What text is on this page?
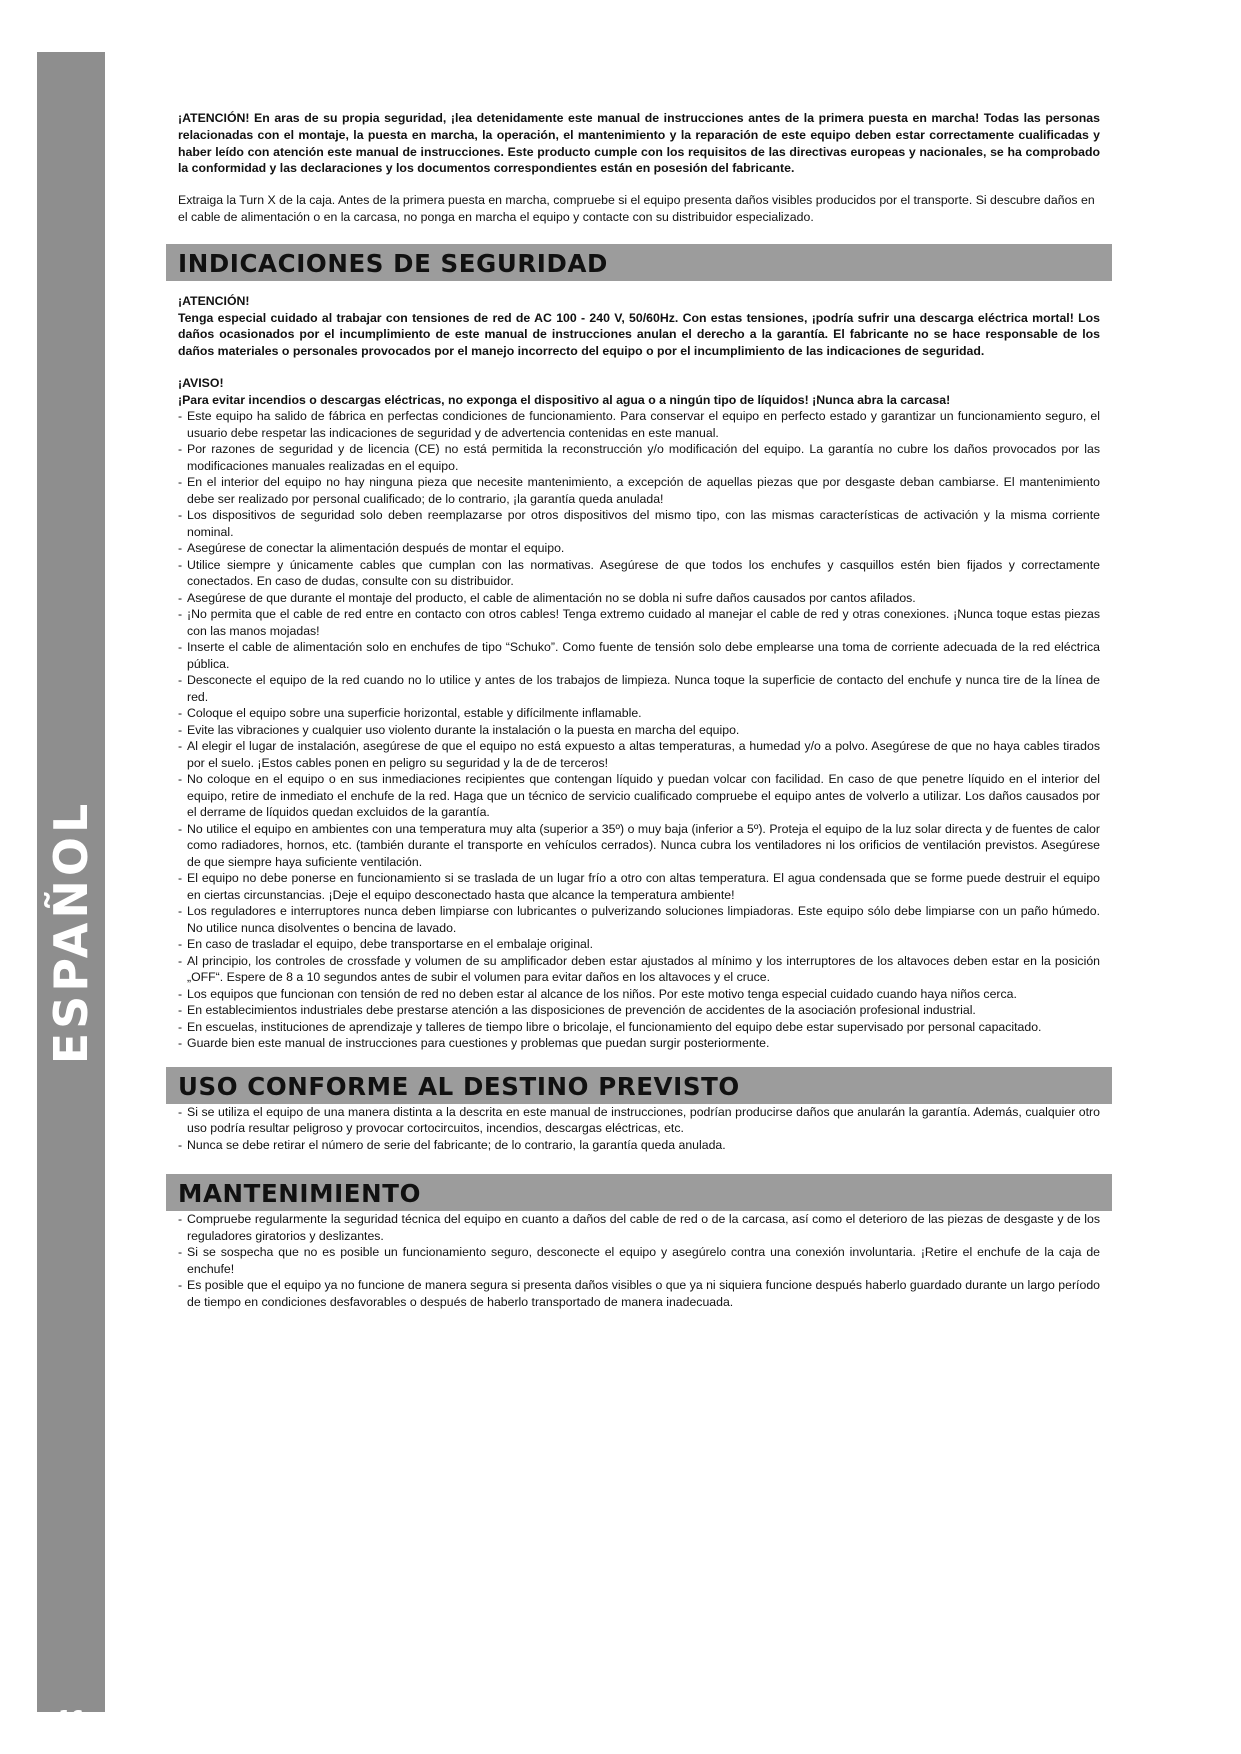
ESPAÑOL
16

¡ATENCIÓN! En aras de su propia seguridad, ¡lea detenidamente este manual de instrucciones antes de la primera puesta en marcha! Todas las personas relacionadas con el montaje, la puesta en marcha, la operación, el mantenimiento y la reparación de este equipo deben estar correctamente cualificadas y haber leído con atención este manual de instrucciones. Este producto cumple con los requisitos de las directivas europeas y nacionales, se ha comprobado la conformidad y las declaraciones y los documentos correspondientes están en posesión del fabricante.

Extraiga la Turn X de la caja. Antes de la primera puesta en marcha, compruebe si el equipo presenta daños visibles producidos por el transporte. Si descubre daños en el cable de alimentación o en la carcasa, no ponga en marcha el equipo y contacte con su distribuidor especializado.

INDICACIONES DE SEGURIDAD

¡ATENCIÓN!

Tenga especial cuidado al trabajar con tensiones de red de AC 100 - 240 V, 50/60Hz. Con estas tensiones, ¡podría sufrir una descarga eléctrica mortal! Los daños ocasionados por el incumplimiento de este manual de instrucciones anulan el derecho a la garantía. El fabricante no se hace responsable de los daños materiales o personales provocados por el manejo incorrecto del equipo o por el incumplimiento de las indicaciones de seguridad.

¡AVISO!

¡Para evitar incendios o descargas eléctricas, no exponga el dispositivo al agua o a ningún tipo de líquidos! ¡Nunca abra la carcasa!

- Este equipo ha salido de fábrica en perfectas condiciones de funcionamiento. Para conservar el equipo en perfecto estado y garantizar un funcionamiento seguro, el usuario debe respetar las indicaciones de seguridad y de advertencia contenidas en este manual.
- Por razones de seguridad y de licencia (CE) no está permitida la reconstrucción y/o modificación del equipo. La garantía no cubre los daños provocados por las modificaciones manuales realizadas en el equipo.
- En el interior del equipo no hay ninguna pieza que necesite mantenimiento, a excepción de aquellas piezas que por desgaste deban cambiarse. El mantenimiento debe ser realizado por personal cualificado; de lo contrario, ¡la garantía queda anulada!
- Los dispositivos de seguridad solo deben reemplazarse por otros dispositivos del mismo tipo, con las mismas características de activación y la misma corriente nominal.
- Asegúrese de conectar la alimentación después de montar el equipo.
- Utilice siempre y únicamente cables que cumplan con las normativas. Asegúrese de que todos los enchufes y casquillos estén bien fijados y correctamente conectados. En caso de dudas, consulte con su distribuidor.
- Asegúrese de que durante el montaje del producto, el cable de alimentación no se dobla ni sufre daños causados por cantos afilados.
- ¡No permita que el cable de red entre en contacto con otros cables! Tenga extremo cuidado al manejar el cable de red y otras conexiones. ¡Nunca toque estas piezas con las manos mojadas!
- Inserte el cable de alimentación solo en enchufes de tipo “Schuko”. Como fuente de tensión solo debe emplearse una toma de corriente adecuada de la red eléctrica pública.
- Desconecte el equipo de la red cuando no lo utilice y antes de los trabajos de limpieza. Nunca toque la superficie de contacto del enchufe y nunca tire de la línea de red.
- Coloque el equipo sobre una superficie horizontal, estable y difícilmente inflamable.
- Evite las vibraciones y cualquier uso violento durante la instalación o la puesta en marcha del equipo.
- Al elegir el lugar de instalación, asegúrese de que el equipo no está expuesto a altas temperaturas, a humedad y/o a polvo. Asegúrese de que no haya cables tirados por el suelo. ¡Estos cables ponen en peligro su seguridad y la de de terceros!
- No coloque en el equipo o en sus inmediaciones recipientes que contengan líquido y puedan volcar con facilidad. En caso de que penetre líquido en el interior del equipo, retire de inmediato el enchufe de la red. Haga que un técnico de servicio cualificado compruebe el equipo antes de volverlo a utilizar. Los daños causados por el derrame de líquidos quedan excluidos de la garantía.
- No utilice el equipo en ambientes con una temperatura muy alta (superior a 35º) o muy baja (inferior a 5º). Proteja el equipo de la luz solar directa y de fuentes de calor como radiadores, hornos, etc. (también durante el transporte en vehículos cerrados). Nunca cubra los ventiladores ni los orificios de ventilación previstos. Asegúrese de que siempre haya suficiente ventilación.
- El equipo no debe ponerse en funcionamiento si se traslada de un lugar frío a otro con altas temperatura. El agua condensada que se forme puede destruir el equipo en ciertas circunstancias. ¡Deje el equipo desconectado hasta que alcance la temperatura ambiente!
- Los reguladores e interruptores nunca deben limpiarse con lubricantes o pulverizando soluciones limpiadoras. Este equipo sólo debe limpiarse con un paño húmedo. No utilice nunca disolventes o bencina de lavado.
- En caso de trasladar el equipo, debe transportarse en el embalaje original.
- Al principio, los controles de crossfade y volumen de su amplificador deben estar ajustados al mínimo y los interruptores de los altavoces deben estar en la posición „OFF“. Espere de 8 a 10 segundos antes de subir el volumen para evitar daños en los altavoces y el cruce.
- Los equipos que funcionan con tensión de red no deben estar al alcance de los niños. Por este motivo tenga especial cuidado cuando haya niños cerca.
- En establecimientos industriales debe prestarse atención a las disposiciones de prevención de accidentes de la asociación profesional industrial.
- En escuelas, instituciones de aprendizaje y talleres de tiempo libre o bricolaje, el funcionamiento del equipo debe estar supervisado por personal capacitado.
- Guarde bien este manual de instrucciones para cuestiones y problemas que puedan surgir posteriormente.
USO CONFORME AL DESTINO PREVISTO
- Si se utiliza el equipo de una manera distinta a la descrita en este manual de instrucciones, podrían producirse daños que anularán la garantía. Además, cualquier otro uso podría resultar peligroso y provocar cortocircuitos, incendios, descargas eléctricas, etc.
- Nunca se debe retirar el número de serie del fabricante; de lo contrario, la garantía queda anulada.
MANTENIMIENTO
- Compruebe regularmente la seguridad técnica del equipo en cuanto a daños del cable de red o de la carcasa, así como el deterioro de las piezas de desgaste y de los reguladores giratorios y deslizantes.
- Si se sospecha que no es posible un funcionamiento seguro, desconecte el equipo y asegúrelo contra una conexión involuntaria. ¡Retire el enchufe de la caja de enchufe!
- Es posible que el equipo ya no funcione de manera segura si presenta daños visibles o que ya ni siquiera funcione después haberlo guardado durante un largo período de tiempo en condiciones desfavorables o después de haberlo transportado de manera inadecuada.
